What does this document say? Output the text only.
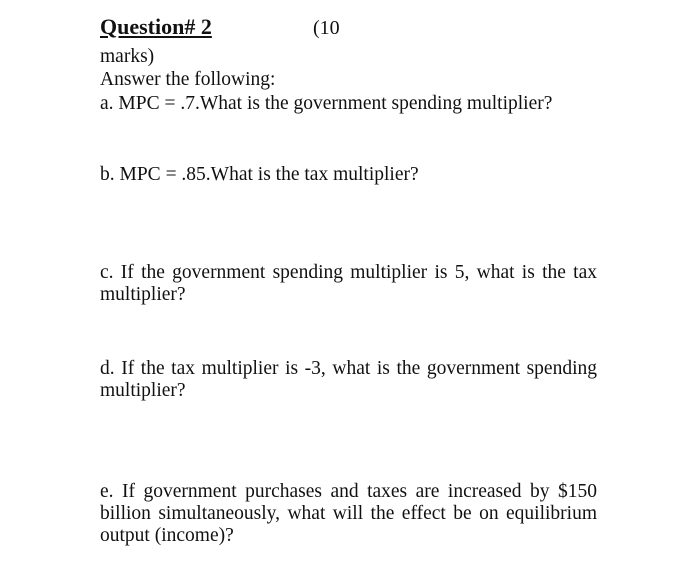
Question# 2	(10
marks)
Answer the following:
a. MPC = .7.What is the government spending multiplier?
b. MPC = .85.What is the tax multiplier?
c. If the government spending multiplier is 5, what is the tax multiplier?
d. If the tax multiplier is -3, what is the government spending multiplier?
e. If government purchases and taxes are increased by $150 billion simultaneously, what will the effect be on equilibrium output (income)?
